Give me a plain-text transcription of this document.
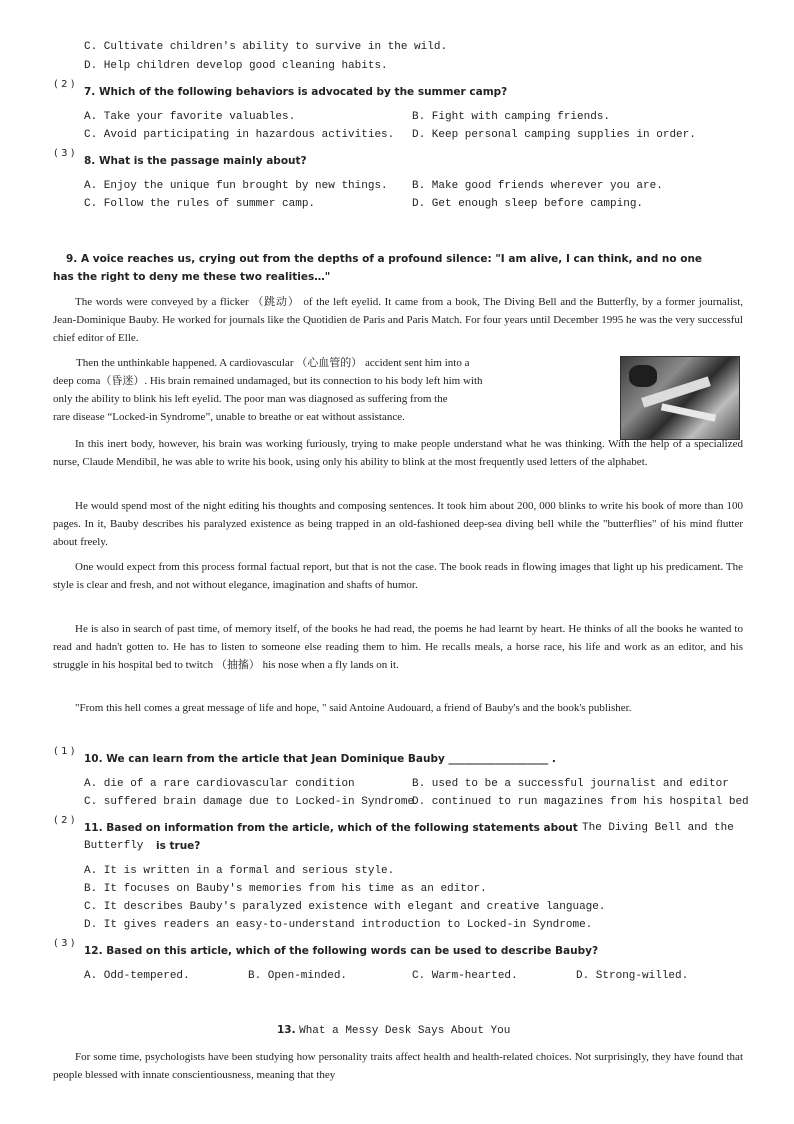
C. Cultivate children's ability to survive in the wild.
D. Help children develop good cleaning habits.
( 2 )
7. Which of the following behaviors is advocated by the summer camp?
A. Take your favorite valuables.	B. Fight with camping friends.
C. Avoid participating in hazardous activities. D. Keep personal camping supplies in order.
( 3 )
8. What is the passage mainly about?
A. Enjoy the unique fun brought by new things. B. Make good friends wherever you are.
C. Follow the rules of summer camp.	D. Get enough sleep before camping.
9. A voice reaches us, crying out from the depths of a profound silence: "I am alive, I can think, and no one
has the right to deny me these two realities…"
The words were conveyed by a flicker （跳动） of the left eyelid. It came from a book, The Diving Bell and the Butterfly, by a former journalist, Jean-Dominique Bauby. He worked for journals like the Quotidien de Paris and Paris Match. For four years until December 1995 he was the very successful chief editor of Elle.
Then the unthinkable happened. A cardiovascular （心血管的） accident sent him into a
deep coma（昏迷）. His brain remained undamaged, but its connection to his body left him with
only the ability to blink his left eyelid. The poor man was diagnosed as suffering from the
rare disease “Locked-in Syndrome”, unable to breathe or eat without assistance.
In this inert body, however, his brain was working furiously, trying to make people understand what he was thinking. With the help of a specialized nurse, Claude Mendibil, he was able to write his book, using only his ability to blink at the most frequently used letters of the alphabet.
He would spend most of the night editing his thoughts and composing sentences. It took him about 200, 000 blinks to write his book of more than 100 pages. In it, Bauby describes his paralyzed existence as being trapped in an old-fashioned deep-sea diving bell while the "butterflies" of his mind flutter about freely.
One would expect from this process formal factual report, but that is not the case. The book reads in flowing images that light up his predicament. The style is clear and fresh, and not without elegance, imagination and shafts of humor.
He is also in search of past time, of memory itself, of the books he had read, the poems he had learnt by heart. He thinks of all the books he wanted to read and hadn't gotten to. He has to listen to someone else reading them to him. He recalls meals, a horse race, his life and work as an editor, and his struggle in his hospital bed to twitch （抽搐） his nose when a fly lands on it.
"From this hell comes a great message of life and hope, " said Antoine Audouard, a friend of Bauby's and the book's publisher.
( 1 )
10. We can learn from the article that Jean Dominique Bauby ___________________ .
A. die of a rare cardiovascular condition	B. used to be a successful journalist and editor
C. suffered brain damage due to Locked-in Syndrome
D. continued to run magazines from his hospital bed
( 2 )
11. Based on information from the article, which of the following statements about The Diving Bell and the
Butterfly is true?
A. It is written in a formal and serious style.
B. It focuses on Bauby's memories from his time as an editor.
C. It describes Bauby's paralyzed existence with elegant and creative language.
D. It gives readers an easy-to-understand introduction to Locked-in Syndrome.
( 3 )
12. Based on this article, which of the following words can be used to describe Bauby?
A. Odd-tempered.	B. Open-minded.	C. Warm-hearted.	D. Strong-willed.
13. What a Messy Desk Says About You
For some time, psychologists have been studying how personality traits affect health and health-related choices. Not surprisingly, they have found that people blessed with innate conscientiousness, meaning that they
